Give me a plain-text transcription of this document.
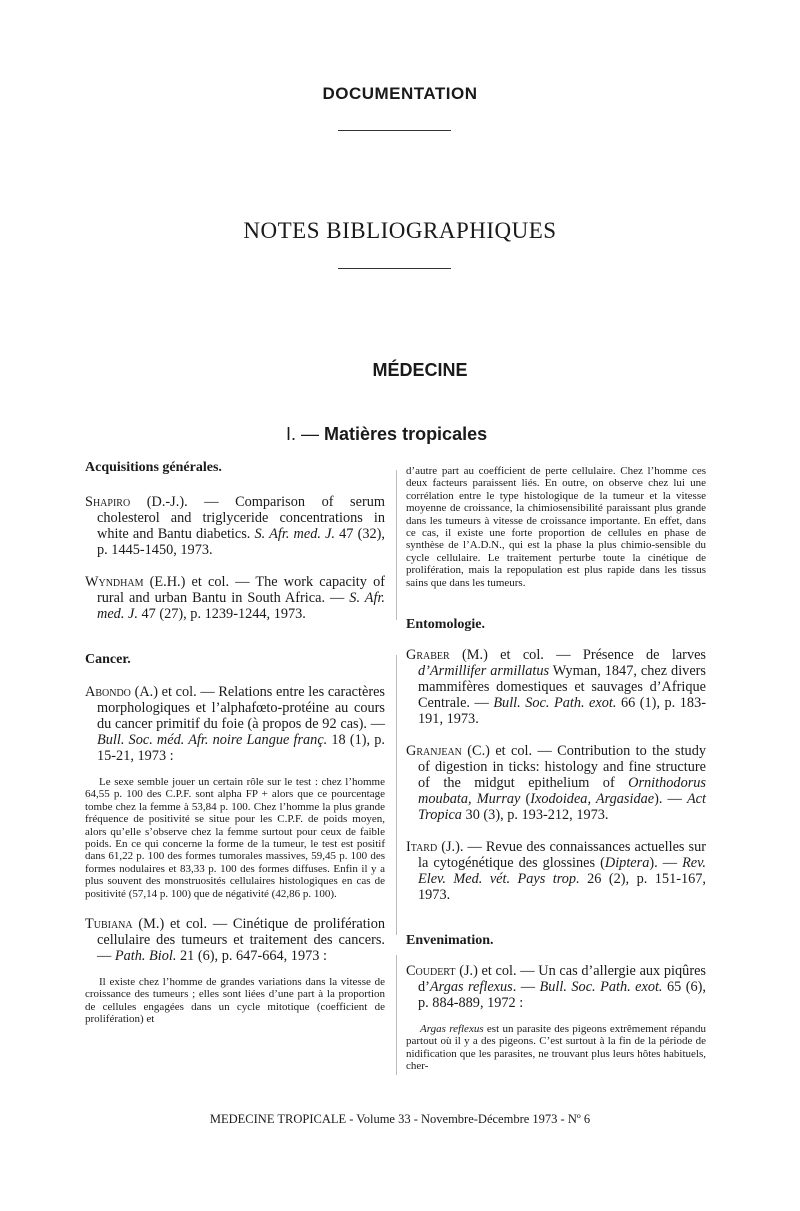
DOCUMENTATION
NOTES BIBLIOGRAPHIQUES
MÉDECINE
I. — Matières tropicales
Acquisitions générales.
Shapiro (D.-J.). — Comparison of serum cholesterol and triglyceride concentrations in white and Bantu diabetics. S. Afr. med. J. 47 (32), p. 1445-1450, 1973.
Wyndham (E.H.) et col. — The work capacity of rural and urban Bantu in South Africa. — S. Afr. med. J. 47 (27), p. 1239-1244, 1973.
Cancer.
Abondo (A.) et col. — Relations entre les caractères morphologiques et l’alphafœto-protéine au cours du cancer primitif du foie (à propos de 92 cas). — Bull. Soc. méd. Afr. noire Langue franç. 18 (1), p. 15-21, 1973 :
Le sexe semble jouer un certain rôle sur le test : chez l’homme 64,55 p. 100 des C.P.F. sont alpha FP + alors que ce pourcentage tombe chez la femme à 53,84 p. 100. Chez l’homme la plus grande fréquence de positivité se situe pour les C.P.F. de poids moyen, alors qu’elle s’observe chez la femme surtout pour ceux de faible poids. En ce qui concerne la forme de la tumeur, le test est positif dans 61,22 p. 100 des formes tumorales massives, 59,45 p. 100 des formes nodulaires et 83,33 p. 100 des formes diffuses. Enfin il y a plus souvent des monstruosités cellulaires histologiques en cas de positivité (57,14 p. 100) que de négativité (42,86 p. 100).
Tubiana (M.) et col. — Cinétique de prolifération cellulaire des tumeurs et traitement des cancers. — Path. Biol. 21 (6), p. 647-664, 1973 :
Il existe chez l’homme de grandes variations dans la vitesse de croissance des tumeurs ; elles sont liées d’une part à la proportion de cellules engagées dans un cycle mitotique (coefficient de prolifération) et
d’autre part au coefficient de perte cellulaire. Chez l’homme ces deux facteurs paraissent liés. En outre, on observe chez lui une corrélation entre le type histologique de la tumeur et la vitesse moyenne de croissance, la chimiosensibilité paraissant plus grande dans les tumeurs à vitesse de croissance importante. En effet, dans ce cas, il existe une forte proportion de cellules en phase de synthèse de l’A.D.N., qui est la phase la plus chimio-sensible du cycle cellulaire. Le traitement perturbe toute la cinétique de prolifération, mais la repopulation est plus rapide dans les tissus sains que dans les tumeurs.
Entomologie.
Graber (M.) et col. — Présence de larves d’Armillifer armillatus Wyman, 1847, chez divers mammifères domestiques et sauvages d’Afrique Centrale. — Bull. Soc. Path. exot. 66 (1), p. 183-191, 1973.
Granjean (C.) et col. — Contribution to the study of digestion in ticks: histology and fine structure of the midgut epithelium of Ornithodorus moubata, Murray (Ixodoidea, Argasidae). — Act Tropica 30 (3), p. 193-212, 1973.
Itard (J.). — Revue des connaissances actuelles sur la cytogénétique des glossines (Diptera). — Rev. Elev. Med. vét. Pays trop. 26 (2), p. 151-167, 1973.
Envenimation.
Coudert (J.) et col. — Un cas d’allergie aux piqûres d’Argas reflexus. — Bull. Soc. Path. exot. 65 (6), p. 884-889, 1972 :
Argas reflexus est un parasite des pigeons extrêmement répandu partout où il y a des pigeons. C’est surtout à la fin de la période de nidification que les parasites, ne trouvant plus leurs hôtes habituels, cher-
MEDECINE TROPICALE - Volume 33 - Novembre-Décembre 1973 - Nº 6
